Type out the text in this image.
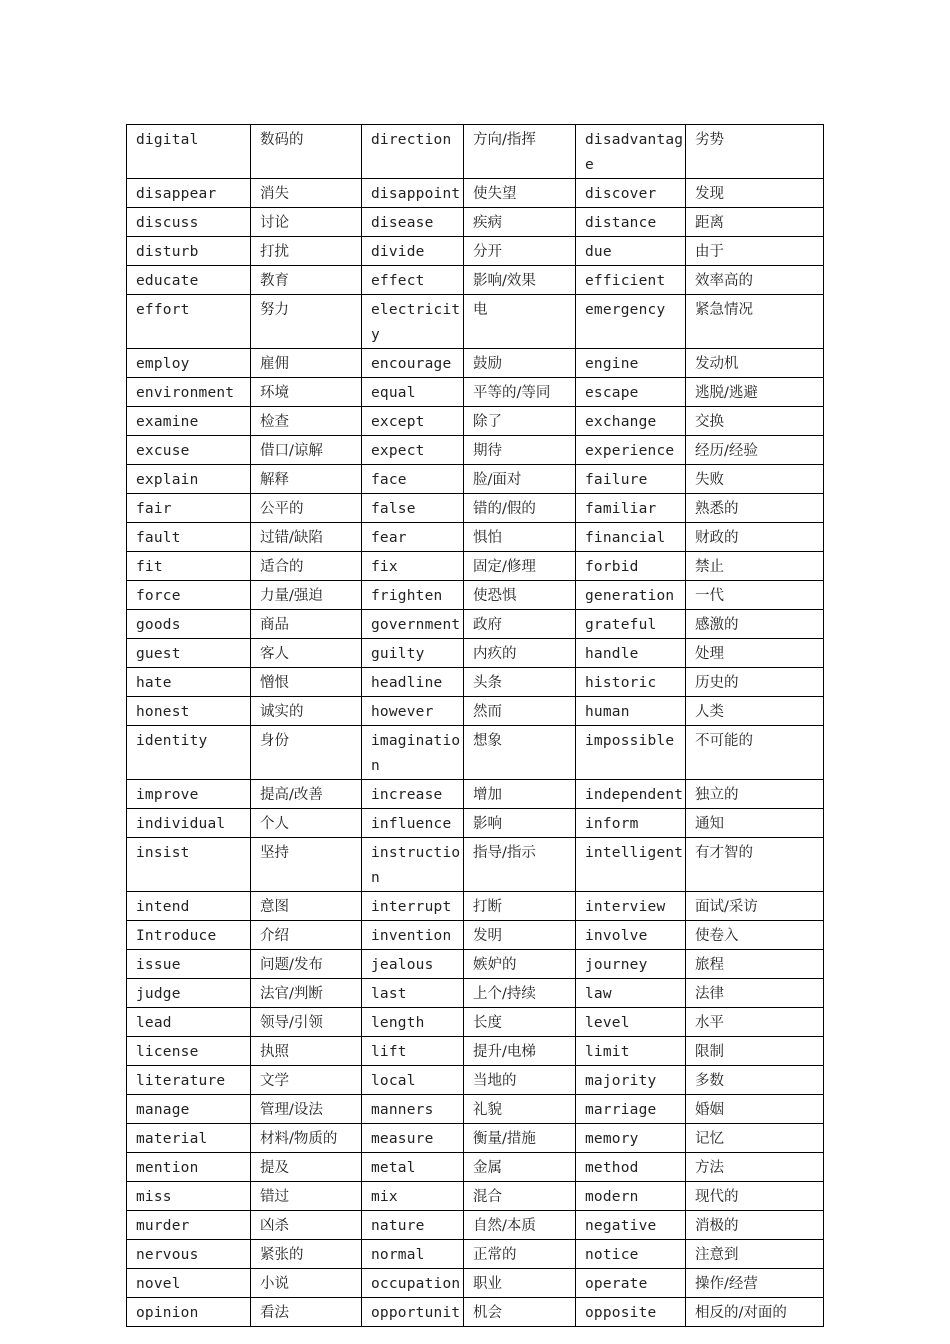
digital	数码的	direction	方向/指挥	disadvantage	劣势
disappear	消失	disappoint	使失望	discover	发现
discuss	讨论	disease	疾病	distance	距离
disturb	打扰	divide	分开	due	由于
educate	教育	effect	影响/效果	efficient	效率高的
effort	努力	electricity	电	emergency	紧急情况
employ	雇佣	encourage	鼓励	engine	发动机
environment	环境	equal	平等的/等同	escape	逃脱/逃避
examine	检查	except	除了	exchange	交换
excuse	借口/谅解	expect	期待	experience	经历/经验
explain	解释	face	脸/面对	failure	失败
fair	公平的	false	错的/假的	familiar	熟悉的
fault	过错/缺陷	fear	惧怕	financial	财政的
fit	适合的	fix	固定/修理	forbid	禁止
force	力量/强迫	frighten	使恐惧	generation	一代
goods	商品	government	政府	grateful	感激的
guest	客人	guilty	内疚的	handle	处理
hate	憎恨	headline	头条	historic	历史的
honest	诚实的	however	然而	human	人类
identity	身份	imagination	想象	impossible	不可能的
improve	提高/改善	increase	增加	independent	独立的
individual	个人	influence	影响	inform	通知
insist	坚持	instruction	指导/指示	intelligent	有才智的
intend	意图	interrupt	打断	interview	面试/采访
Introduce	介绍	invention	发明	involve	使卷入
issue	问题/发布	jealous	嫉妒的	journey	旅程
judge	法官/判断	last	上个/持续	law	法律
lead	领导/引领	length	长度	level	水平
license	执照	lift	提升/电梯	limit	限制
literature	文学	local	当地的	majority	多数
manage	管理/设法	manners	礼貌	marriage	婚姻
material	材料/物质的	measure	衡量/措施	memory	记忆
mention	提及	metal	金属	method	方法
miss	错过	mix	混合	modern	现代的
murder	凶杀	nature	自然/本质	negative	消极的
nervous	紧张的	normal	正常的	notice	注意到
novel	小说	occupation	职业	operate	操作/经营
opinion	看法	opportunit	机会	opposite	相反的/对面的
